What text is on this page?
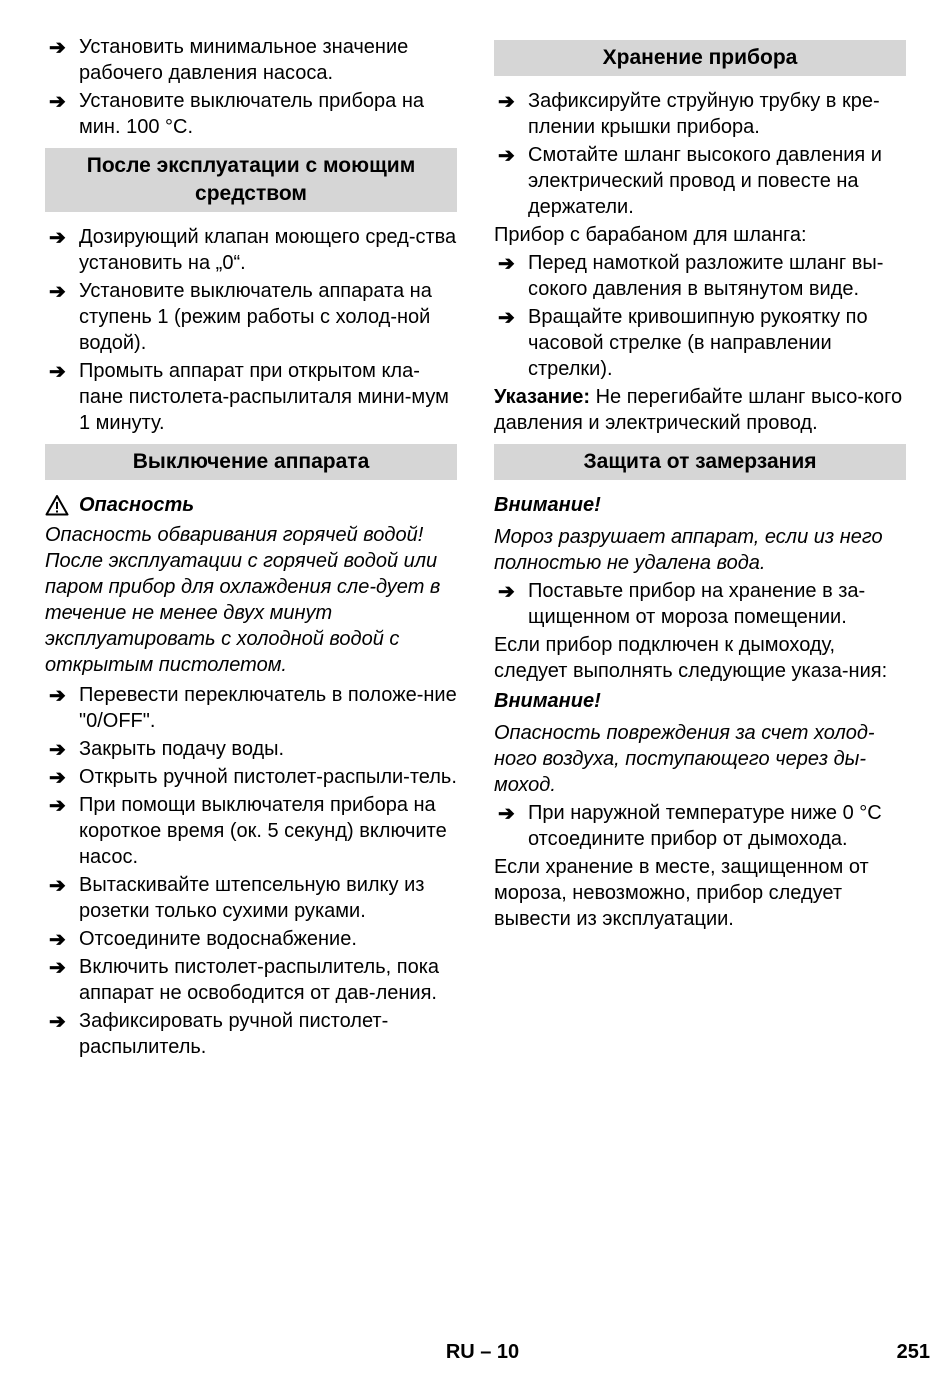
➔
Установить минимальное значение рабочего давления насоса.
➔
Установите выключатель прибора на мин. 100 °C.
После эксплуатации с моющим средством
➔
Дозирующий клапан моющего сред-ства установить на „0“.
➔
Установите выключатель аппарата на ступень 1 (режим работы с холод-ной водой).
➔
Промыть аппарат при открытом кла-пане пистолета-распылиталя мини-мум 1 минуту.
Выключение аппарата
Опасность
Опасность обваривания горячей водой! После эксплуатации с горячей водой или паром прибор для охлаждения сле-дует в течение не менее двух минут эксплуатировать с холодной водой с открытым пистолетом.
➔
Перевести переключатель в положе-ние "0/OFF".
➔
Закрыть подачу воды.
➔
Открыть ручной пистолет-распыли-тель.
➔
При помощи выключателя прибора на короткое время (ок. 5 секунд) включите насос.
➔
Вытаскивайте штепсельную вилку из розетки только сухими руками.
➔
Отсоедините водоснабжение.
➔
Включить пистолет-распылитель, пока аппарат не освободится от дав-ления.
➔
Зафиксировать ручной пистолет-распылитель.
Хранение прибора
➔
Зафиксируйте струйную трубку в кре-плении крышки прибора.
➔
Смотайте шланг высокого давления и электрический провод и повесте на держатели.
Прибор с барабаном для шланга:
➔
Перед намоткой разложите шланг вы-сокого давления в вытянутом виде.
➔
Вращайте кривошипную рукоятку по часовой стрелке (в направлении стрелки).
Указание: Не перегибайте шланг высо-кого давления и электрический провод.
Защита от замерзания
Внимание!
Мороз разрушает аппарат, если из него полностью не удалена вода.
➔
Поставьте прибор на хранение в за-щищенном от мороза помещении.
Если прибор подключен к дымоходу, следует выполнять следующие указа-ния:
Внимание!
Опасность повреждения за счет холод-ного воздуха, поступающего через ды-моход.
➔
При наружной температуре ниже 0 °C отсоедините прибор от дымохода.
Если хранение в месте, защищенном от мороза, невозможно, прибор следует вывести из эксплуатации.
RU – 10	251
